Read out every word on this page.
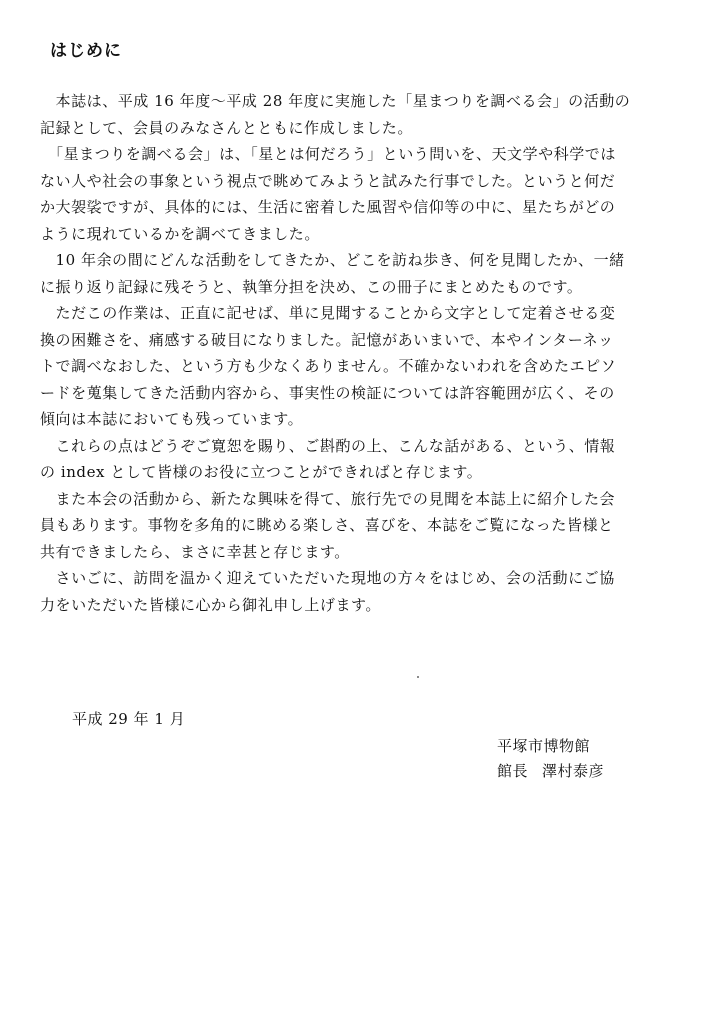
はじめに
　本誌は、平成 16 年度～平成 28 年度に実施した「星まつりを調べる会」の活動の
記録として、会員のみなさんとともに作成しました。
　「星まつりを調べる会」は、「星とは何だろう」という問いを、天文学や科学では
ない人や社会の事象という視点で眺めてみようと試みた行事でした。というと何だ
か大袈裟ですが、具体的には、生活に密着した風習や信仰等の中に、星たちがどの
ように現れているかを調べてきました。
　10 年余の間にどんな活動をしてきたか、どこを訪ね歩き、何を見聞したか、一緒
に振り返り記録に残そうと、執筆分担を決め、この冊子にまとめたものです。
　ただこの作業は、正直に記せば、単に見聞することから文字として定着させる変
換の困難さを、痛感する破目になりました。記憶があいまいで、本やインターネッ
トで調べなおした、という方も少なくありません。不確かないわれを含めたエピソ
ードを蒐集してきた活動内容から、事実性の検証については許容範囲が広く、その
傾向は本誌においても残っています。
　これらの点はどうぞご寛恕を賜り、ご斟酌の上、こんな話がある、という、情報
の index として皆様のお役に立つことができればと存じます。
　また本会の活動から、新たな興味を得て、旅行先での見聞を本誌上に紹介した会
員もあります。事物を多角的に眺める楽しさ、喜びを、本誌をご覧になった皆様と
共有できましたら、まさに幸甚と存じます。
　さいごに、訪問を温かく迎えていただいた現地の方々をはじめ、会の活動にご協
力をいただいた皆様に心から御礼申し上げます。
平成 29 年 1 月
平塚市博物館
館長 澤村泰彦
